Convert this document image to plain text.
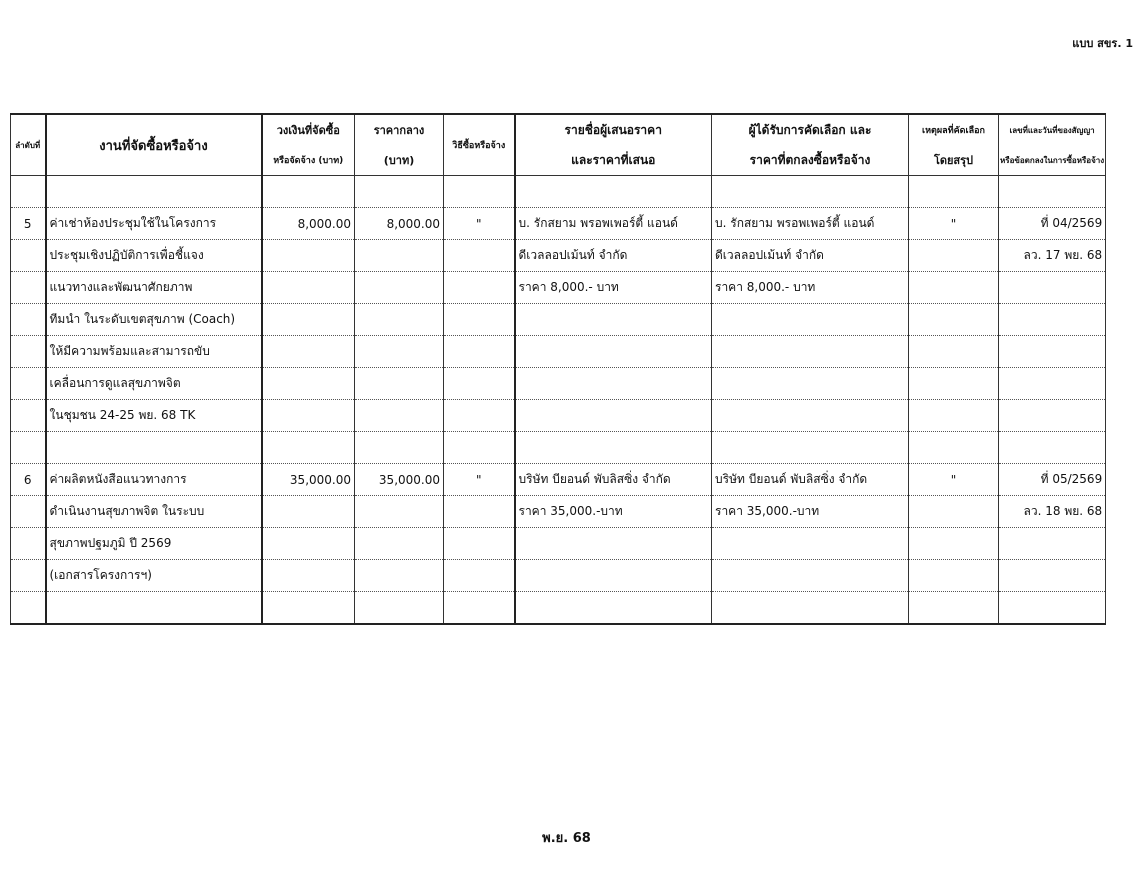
แบบ สขร. 1
ลำดับที่	งานที่จัดซื้อหรือจ้าง	วงเงินที่จัดซื้อ	ราคากลาง	วิธีซื้อหรือจ้าง	รายชื่อผู้เสนอราคา	ผู้ได้รับการคัดเลือก และ	เหตุผลที่คัดเลือก	เลขที่และวันที่ของสัญญา
		หรือจัดจ้าง (บาท)	(บาท)		และราคาที่เสนอ	ราคาที่ตกลงซื้อหรือจ้าง	โดยสรุป	หรือข้อตกลงในการซื้อหรือจ้าง

5	ค่าเช่าห้องประชุมใช้ในโครงการ	8,000.00	8,000.00	"	บ. รักสยาม พรอพเพอร์ตี้ แอนด์	บ. รักสยาม พรอพเพอร์ตี้ แอนด์	"	ที่ 04/2569
	ประชุมเชิงปฏิบัติการเพื่อชี้แจง				ดีเวลลอปเม้นท์ จำกัด	ดีเวลลอปเม้นท์ จำกัด		ลว. 17 พย. 68
	แนวทางและพัฒนาศักยภาพ				ราคา 8,000.- บาท	ราคา 8,000.- บาท		
	ทีมนำ ในระดับเขตสุขภาพ (Coach)							
	ให้มีความพร้อมและสามารถขับ							
	เคลื่อนการดูแลสุขภาพจิต							
	ในชุมชน 24-25 พย. 68 TK							

6	ค่าผลิตหนังสือแนวทางการ	35,000.00	35,000.00	"	บริษัท บียอนด์ พับลิสซิ่ง จำกัด	บริษัท บียอนด์ พับลิสซิ่ง จำกัด	"	ที่ 05/2569
	ดำเนินงานสุขภาพจิต ในระบบ				ราคา 35,000.-บาท	ราคา 35,000.-บาท		ลว. 18 พย. 68
	สุขภาพปฐมภูมิ ปี 2569							
	(เอกสารโครงการฯ)							

พ.ย. 68
